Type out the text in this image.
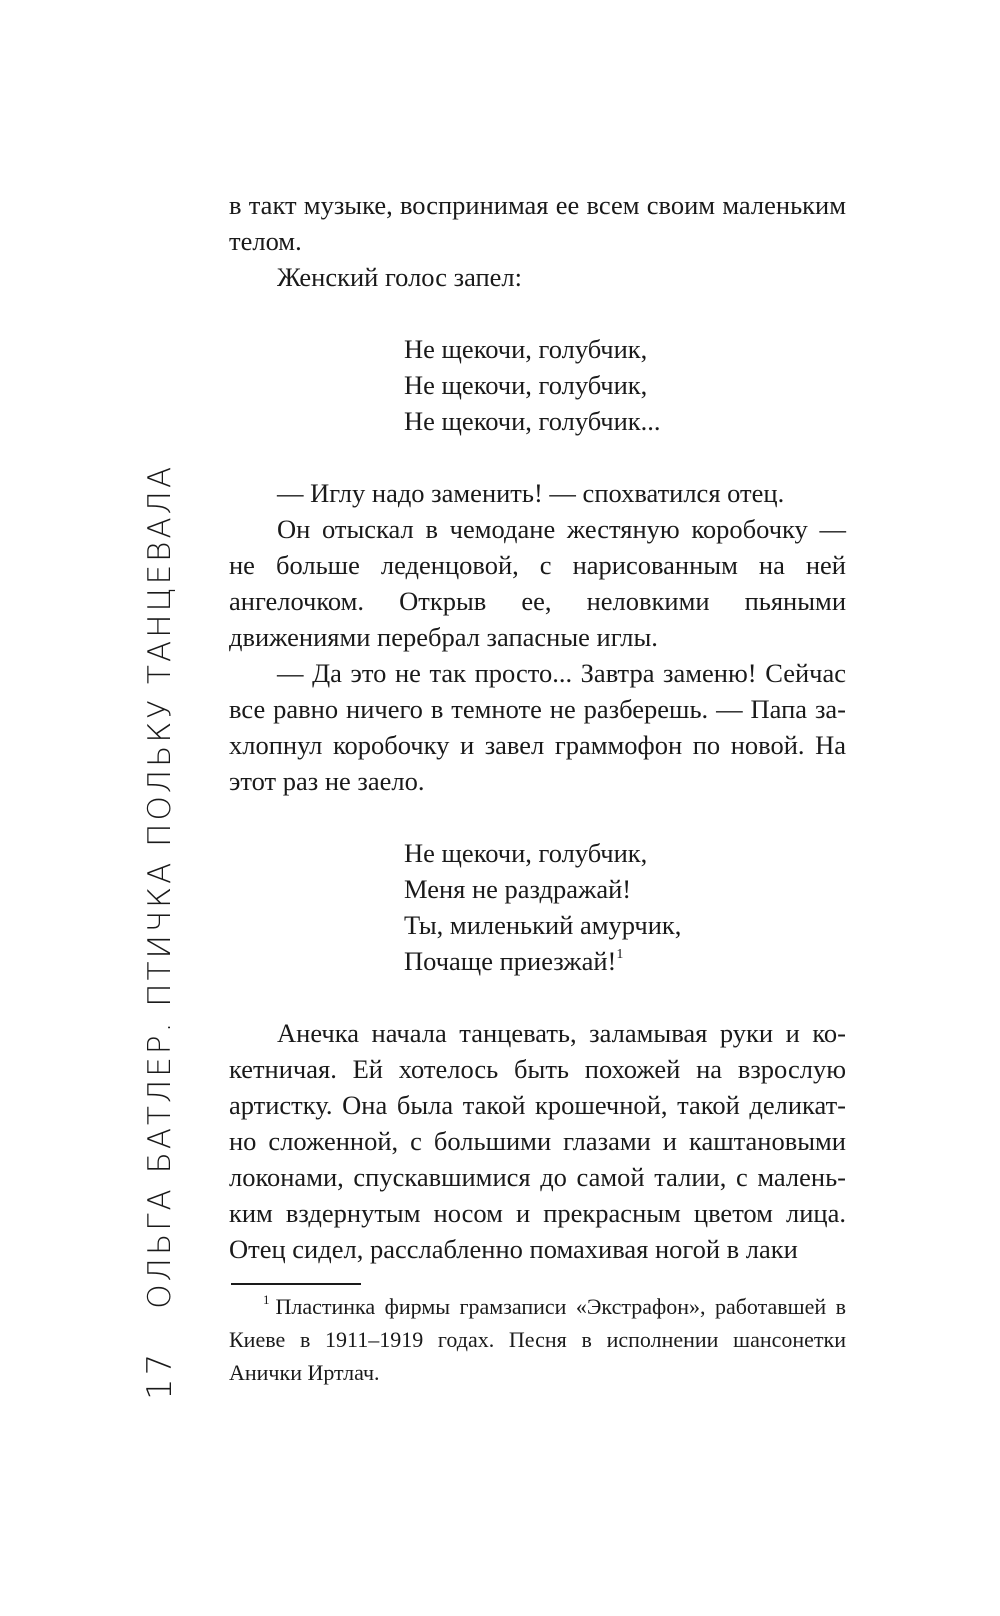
17
ОЛЬГА БАТЛЕР. ПТИЧКА ПОЛЬКУ ТАНЦЕВАЛА

в такт музыке, воспринимая ее всем своим маленьким телом.

Женский голос запел:

Не щекочи, голубчик,
Не щекочи, голубчик,
Не щекочи, голубчик...

— Иглу надо заменить! — спохватился отец.

Он отыскал в чемодане жестяную коробочку — не больше леденцовой, с нарисованным на ней ангелочком. Открыв ее, неловкими пьяными движениями перебрал запасные иглы.

— Да это не так просто... Завтра заменю! Сейчас все равно ничего в темноте не разберешь. — Папа захлопнул коробочку и завел граммофон по новой. На этот раз не заело.

Не щекочи, голубчик,
Меня не раздражай!
Ты, миленький амурчик,
Почаще приезжай!$^1$

Анечка начала танцевать, заламывая руки и кокетничая. Ей хотелось быть похожей на взрослую артистку. Она была такой крошечной, такой деликатно сложенной, с большими глазами и каштановыми локонами, спускавшимися до самой талии, с маленьким вздернутым носом и прекрасным цветом лица. Отец сидел, расслабленно помахивая ногой в лаки

$^1$ Пластинка фирмы грамзаписи «Экстрафон», работавшей в Киеве в 1911–1919 годах. Песня в исполнении шансонетки Анички Иртлач.
